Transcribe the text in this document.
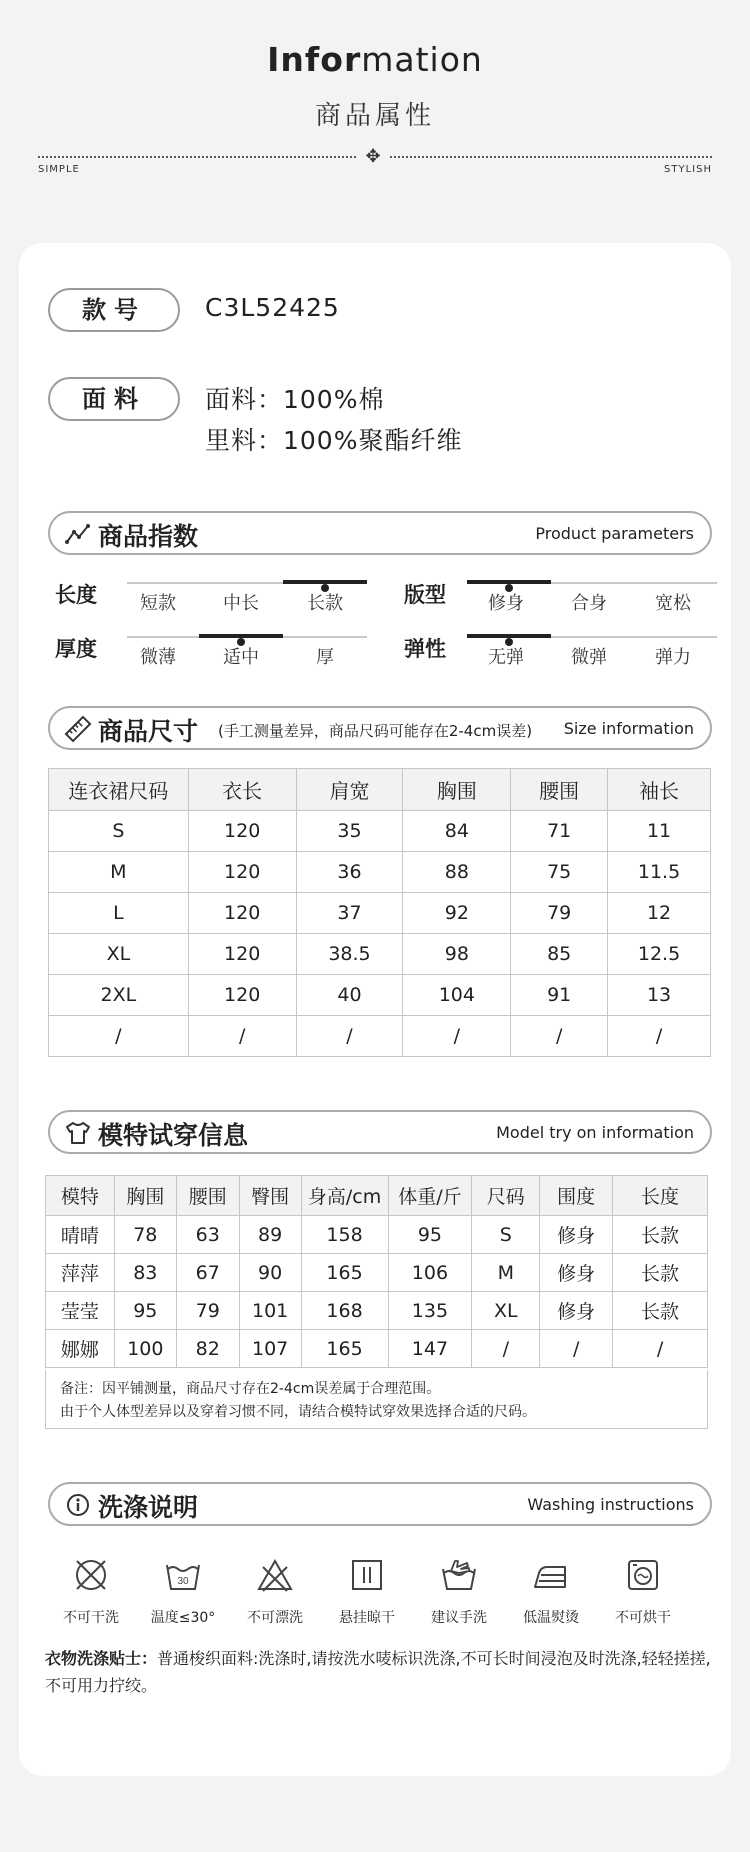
Information
商品属性
✥
SIMPLE	STYLISH
款号	C3L52425
面料	面料：100%棉
里料：100%聚酯纤维
商品指数	Product parameters
长度	短款	中长	长款	版型	修身	合身	宽松
厚度	微薄	适中	厚	弹性	无弹	微弹	弹力
商品尺寸 (手工测量差异，商品尺码可能存在2-4cm误差) Size information
连衣裙尺码	衣长	肩宽	胸围	腰围	袖长
S	120	35	84	71	11
M	120	36	88	75	11.5
L	120	37	92	79	12
XL	120	38.5	98	85	12.5
2XL	120	40	104	91	13
/	/	/	/	/	/
模特试穿信息	Model try on information
模特	胸围	腰围	臀围	身高/cm	体重/斤	尺码	围度	长度
晴晴	78	63	89	158	95	S	修身	长款
萍萍	83	67	90	165	106	M	修身	长款
莹莹	95	79	101	168	135	XL	修身	长款
娜娜	100	82	107	165	147	/	/	/
备注：因平铺测量，商品尺寸存在2-4cm误差属于合理范围。
由于个人体型差异以及穿着习惯不同，请结合模特试穿效果选择合适的尺码。
洗涤说明	Washing instructions
不可干洗
30
温度≤30°	不可漂洗	悬挂晾干	建议手洗	低温熨烫	不可烘干
衣物洗涤贴士：普通梭织面料:洗涤时,请按洗水唛标识洗涤,不可长时间浸泡及时洗涤,轻轻搓搓,不可用力拧绞。
